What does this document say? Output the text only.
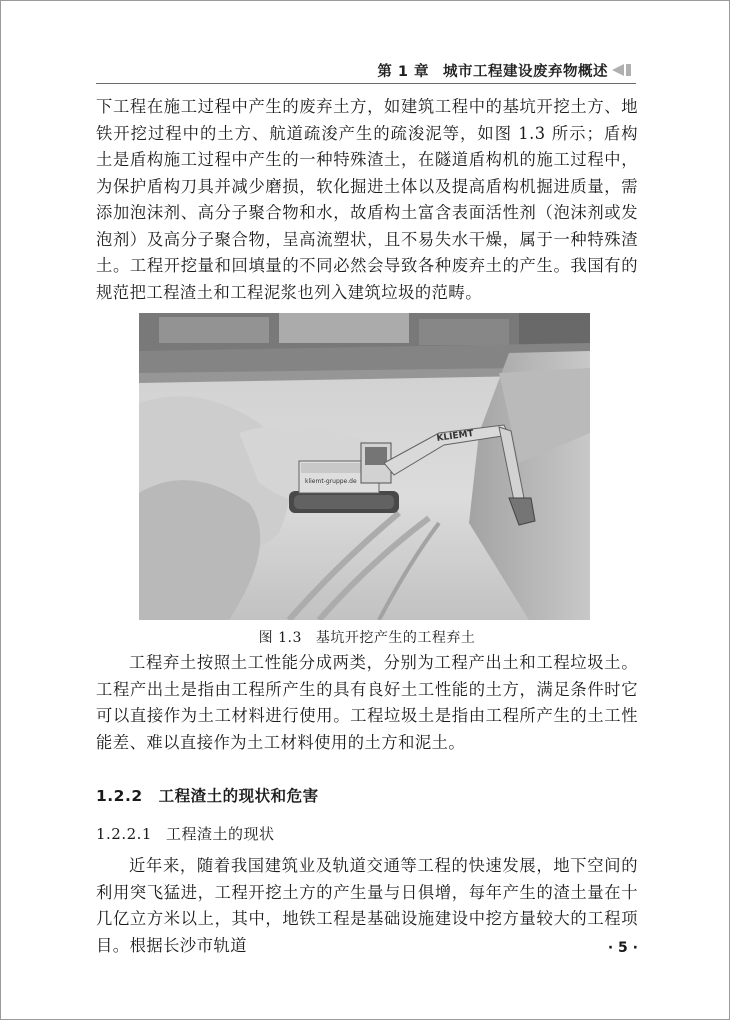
第 1 章 城市工程建设废弃物概述

下工程在施工过程中产生的废弃土方，如建筑工程中的基坑开挖土方、地铁开挖过程中的土方、航道疏浚产生的疏浚泥等，如图 1.3 所示；盾构土是盾构施工过程中产生的一种特殊渣土，在隧道盾构机的施工过程中，为保护盾构刀具并减少磨损，软化掘进土体以及提高盾构机掘进质量，需添加泡沫剂、高分子聚合物和水，故盾构土富含表面活性剂（泡沫剂或发泡剂）及高分子聚合物，呈高流塑状，且不易失水干燥，属于一种特殊渣土。工程开挖量和回填量的不同必然会导致各种废弃土的产生。我国有的规范把工程渣土和工程泥浆也列入建筑垃圾的范畴。

KLIEMT
kliemt-gruppe.de
图 1.3 基坑开挖产生的工程弃土

工程弃土按照土工性能分成两类，分别为工程产出土和工程垃圾土。工程产出土是指由工程所产生的具有良好土工性能的土方，满足条件时它可以直接作为土工材料进行使用。工程垃圾土是指由工程所产生的土工性能差、难以直接作为土工材料使用的土方和泥土。

1.2.2 工程渣土的现状和危害
1.2.2.1 工程渣土的现状

近年来，随着我国建筑业及轨道交通等工程的快速发展，地下空间的利用突飞猛进，工程开挖土方的产生量与日俱增，每年产生的渣土量在十几亿立方米以上，其中，地铁工程是基础设施建设中挖方量较大的工程项目。根据长沙市轨道	· 5 ·
